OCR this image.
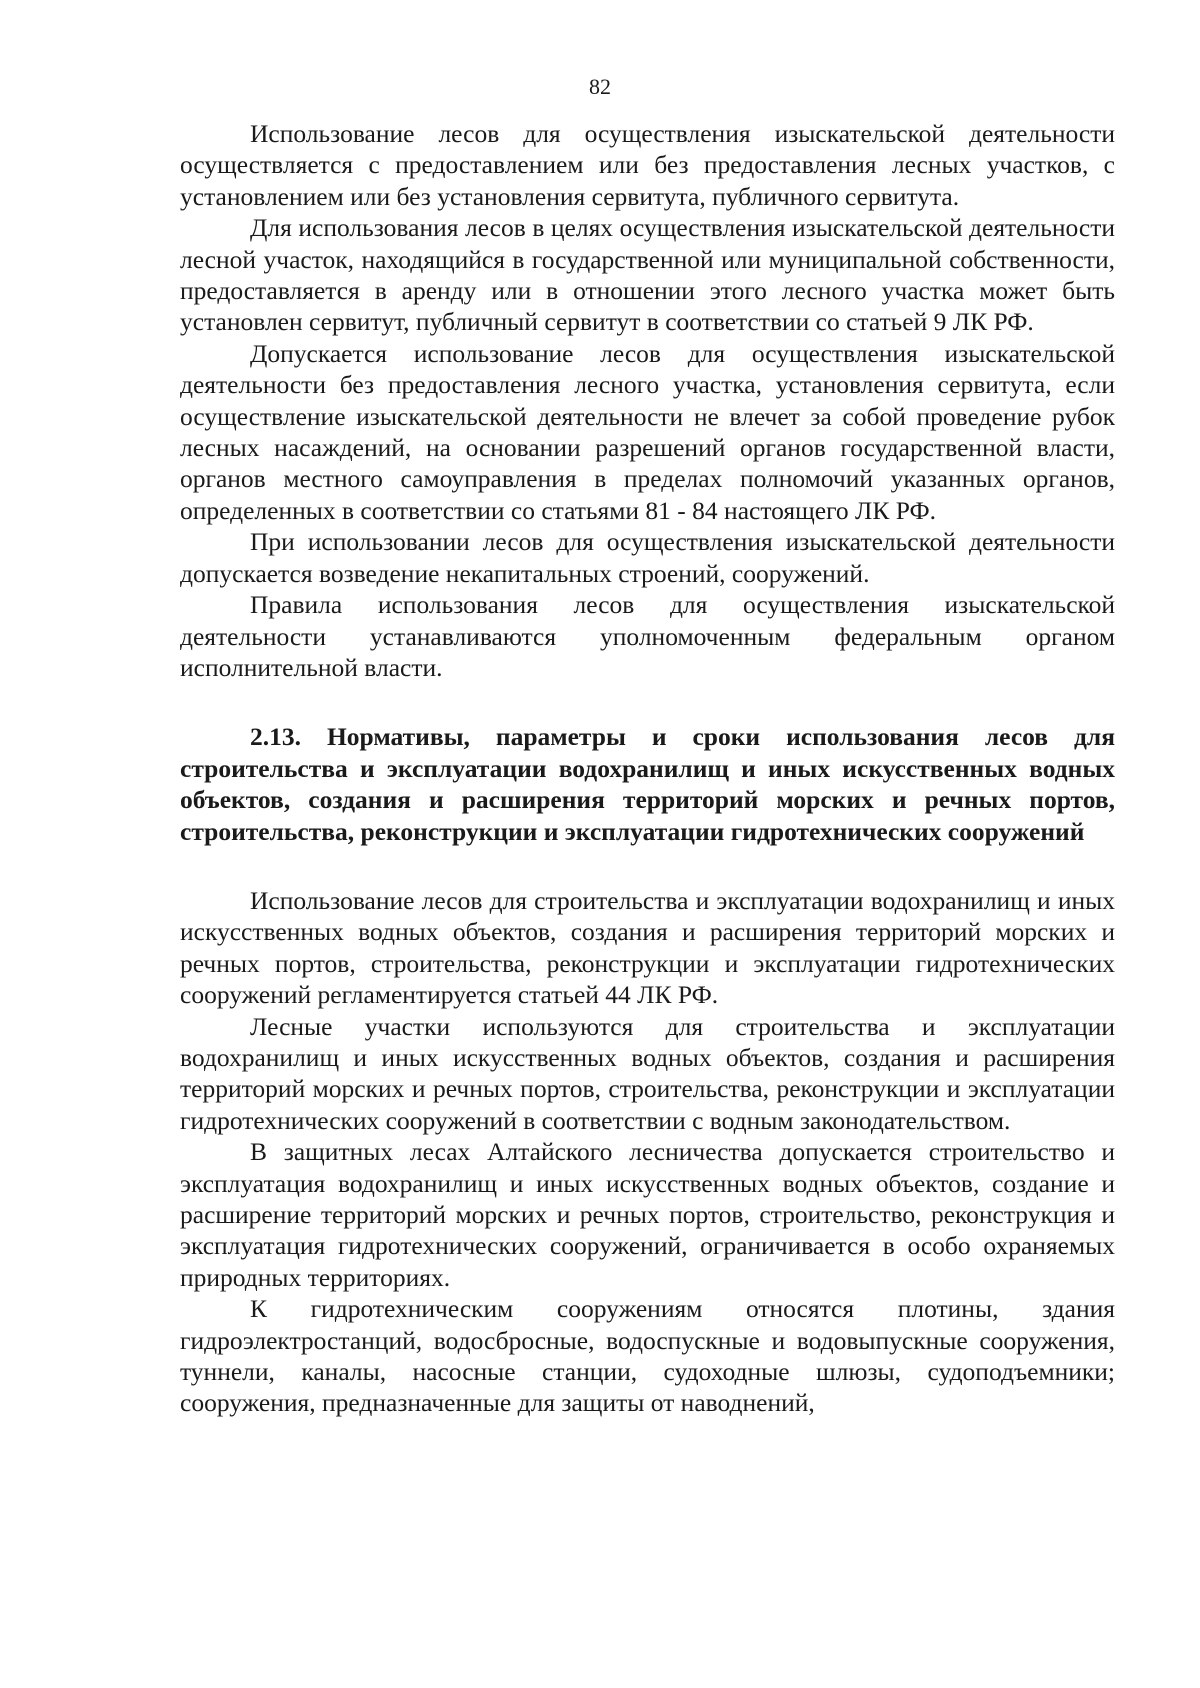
82

Использование лесов для осуществления изыскательской деятельности осуществляется с предоставлением или без предоставления лесных участков, с установлением или без установления сервитута, публичного сервитута.

Для использования лесов в целях осуществления изыскательской деятельности лесной участок, находящийся в государственной или муниципальной собственности, предоставляется в аренду или в отношении этого лесного участка может быть установлен сервитут, публичный сервитут в соответствии со статьей 9 ЛК РФ.

Допускается использование лесов для осуществления изыскательской деятельности без предоставления лесного участка, установления сервитута, если осуществление изыскательской деятельности не влечет за собой проведение рубок лесных насаждений, на основании разрешений органов государственной власти, органов местного самоуправления в пределах полномочий указанных органов, определенных в соответствии со статьями 81 - 84 настоящего ЛК РФ.

При использовании лесов для осуществления изыскательской деятельности допускается возведение некапитальных строений, сооружений.

Правила использования лесов для осуществления изыскательской деятельности устанавливаются уполномоченным федеральным органом исполнительной власти.

2.13. Нормативы, параметры и сроки использования лесов для строительства и эксплуатации водохранилищ и иных искусственных водных объектов, создания и расширения территорий морских и речных портов, строительства, реконструкции и эксплуатации гидротехнических сооружений

Использование лесов для строительства и эксплуатации водохранилищ и иных искусственных водных объектов, создания и расширения территорий морских и речных портов, строительства, реконструкции и эксплуатации гидротехнических сооружений регламентируется статьей 44 ЛК РФ.

Лесные участки используются для строительства и эксплуатации водохранилищ и иных искусственных водных объектов, создания и расширения территорий морских и речных портов, строительства, реконструкции и эксплуатации гидротехнических сооружений в соответствии с водным законодательством.

В защитных лесах Алтайского лесничества допускается строительство и эксплуатация водохранилищ и иных искусственных водных объектов, создание и расширение территорий морских и речных портов, строительство, реконструкция и эксплуатация гидротехнических сооружений, ограничивается в особо охраняемых природных территориях.

К гидротехническим сооружениям относятся плотины, здания гидроэлектростанций, водосбросные, водоспускные и водовыпускные сооружения, туннели, каналы, насосные станции, судоходные шлюзы, судоподъемники; сооружения, предназначенные для защиты от наводнений,
